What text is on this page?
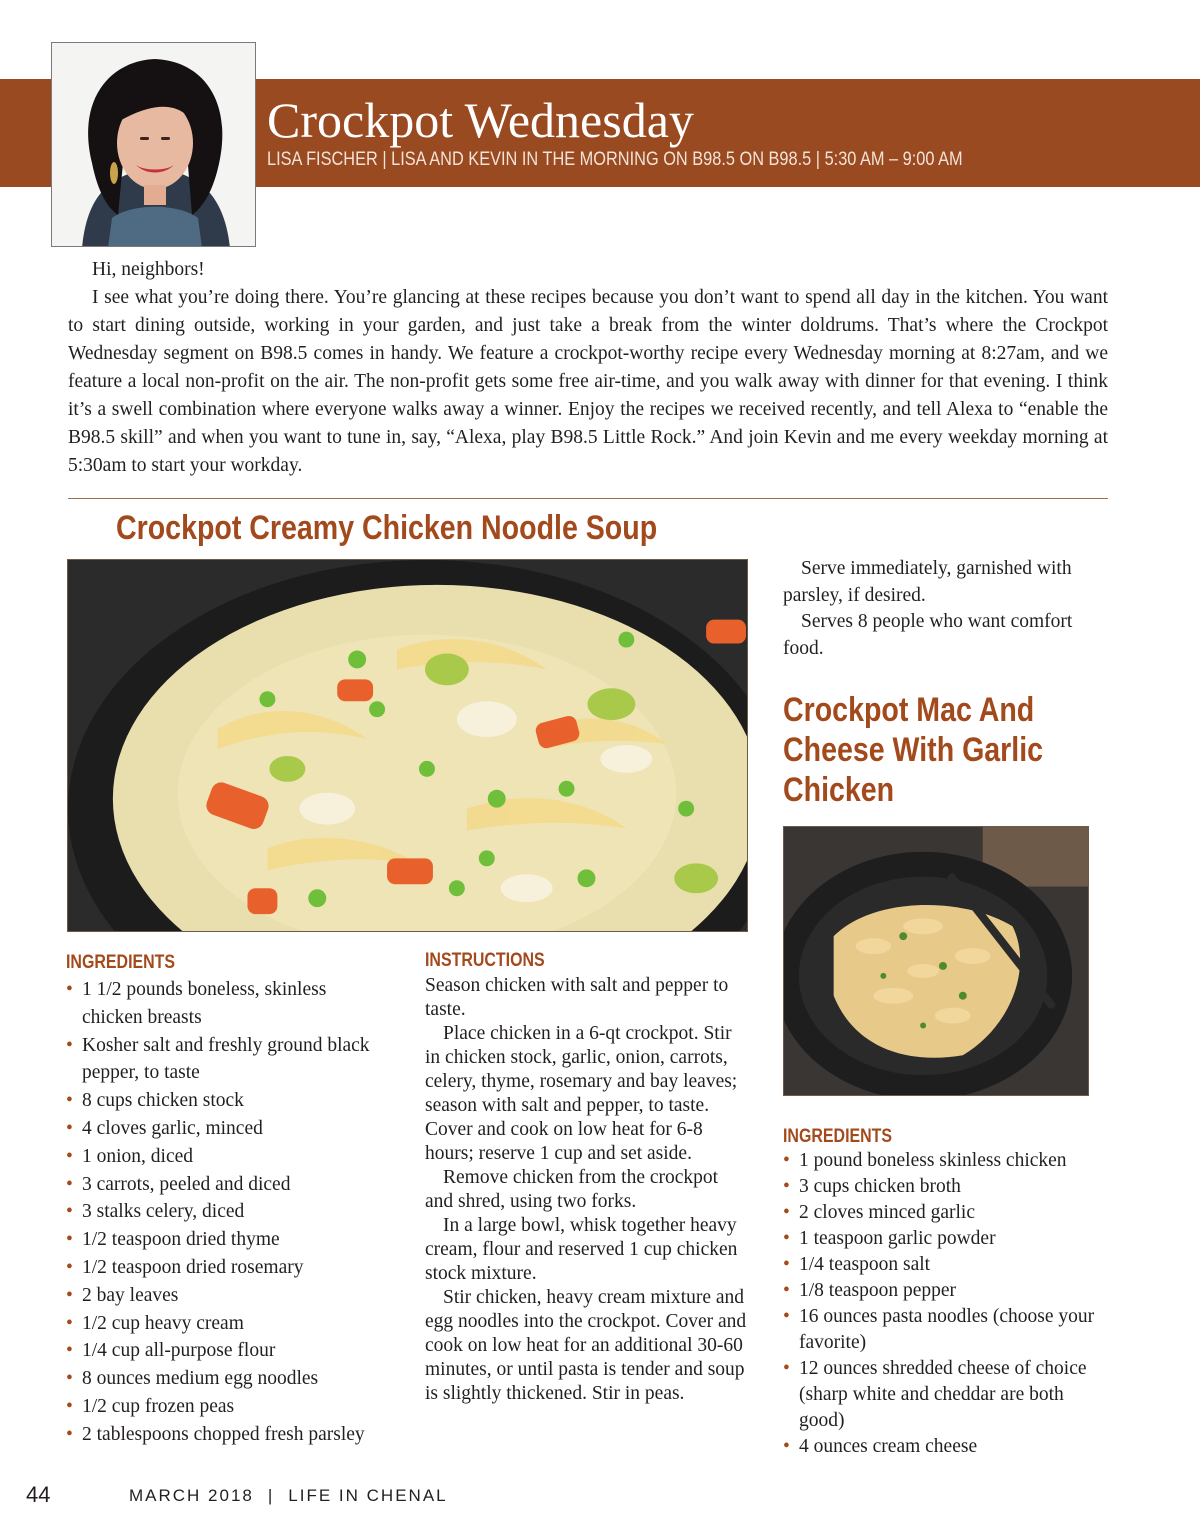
Crockpot Wednesday
LISA FISCHER | LISA AND KEVIN IN THE MORNING ON B98.5 ON B98.5 | 5:30 AM – 9:00 AM

Hi, neighbors!

I see what you’re doing there. You’re glancing at these recipes because you don’t want to spend all day in the kitchen. You want to start dining outside, working in your garden, and just take a break from the winter doldrums. That’s where the Crockpot Wednesday segment on B98.5 comes in handy. We feature a crockpot-worthy recipe every Wednesday morning at 8:27am, and we feature a local non-profit on the air. The non-profit gets some free air-time, and you walk away with dinner for that evening. I think it’s a swell combination where everyone walks away a winner. Enjoy the recipes we received recently, and tell Alexa to “enable the B98.5 skill” and when you want to tune in, say, “Alexa, play B98.5 Little Rock.” And join Kevin and me every weekday morning at 5:30am to start your workday.

Crockpot Creamy Chicken Noodle Soup
INGREDIENTS
• 1 1/2 pounds boneless, skinless chicken breasts
• Kosher salt and freshly ground black pepper, to taste
• 8 cups chicken stock
• 4 cloves garlic, minced
• 1 onion, diced
• 3 carrots, peeled and diced
• 3 stalks celery, diced
• 1/2 teaspoon dried thyme
• 1/2 teaspoon dried rosemary
• 2 bay leaves
• 1/2 cup heavy cream
• 1/4 cup all-purpose flour
• 8 ounces medium egg noodles
• 1/2 cup frozen peas
• 2 tablespoons chopped fresh parsley
INSTRUCTIONS

Season chicken with salt and pepper to taste.

Place chicken in a 6-qt crockpot. Stir in chicken stock, garlic, onion, carrots, celery, thyme, rosemary and bay leaves; season with salt and pepper, to taste. Cover and cook on low heat for 6-8 hours; reserve 1 cup and set aside.

Remove chicken from the crockpot and shred, using two forks.

In a large bowl, whisk together heavy cream, flour and reserved 1 cup chicken stock mixture.

Stir chicken, heavy cream mixture and egg noodles into the crockpot. Cover and cook on low heat for an additional 30-60 minutes, or until pasta is tender and soup is slightly thickened. Stir in peas.

Serve immediately, garnished with parsley, if desired.

Serves 8 people who want comfort food.

Crockpot Mac And Cheese With Garlic Chicken
INGREDIENTS
• 1 pound boneless skinless chicken
• 3 cups chicken broth
• 2 cloves minced garlic
• 1 teaspoon garlic powder
• 1/4 teaspoon salt
• 1/8 teaspoon pepper
• 16 ounces pasta noodles (choose your favorite)
• 12 ounces shredded cheese of choice (sharp white and cheddar are both good)
• 4 ounces cream cheese
44	MARCH 2018 | LIFE IN CHENAL
